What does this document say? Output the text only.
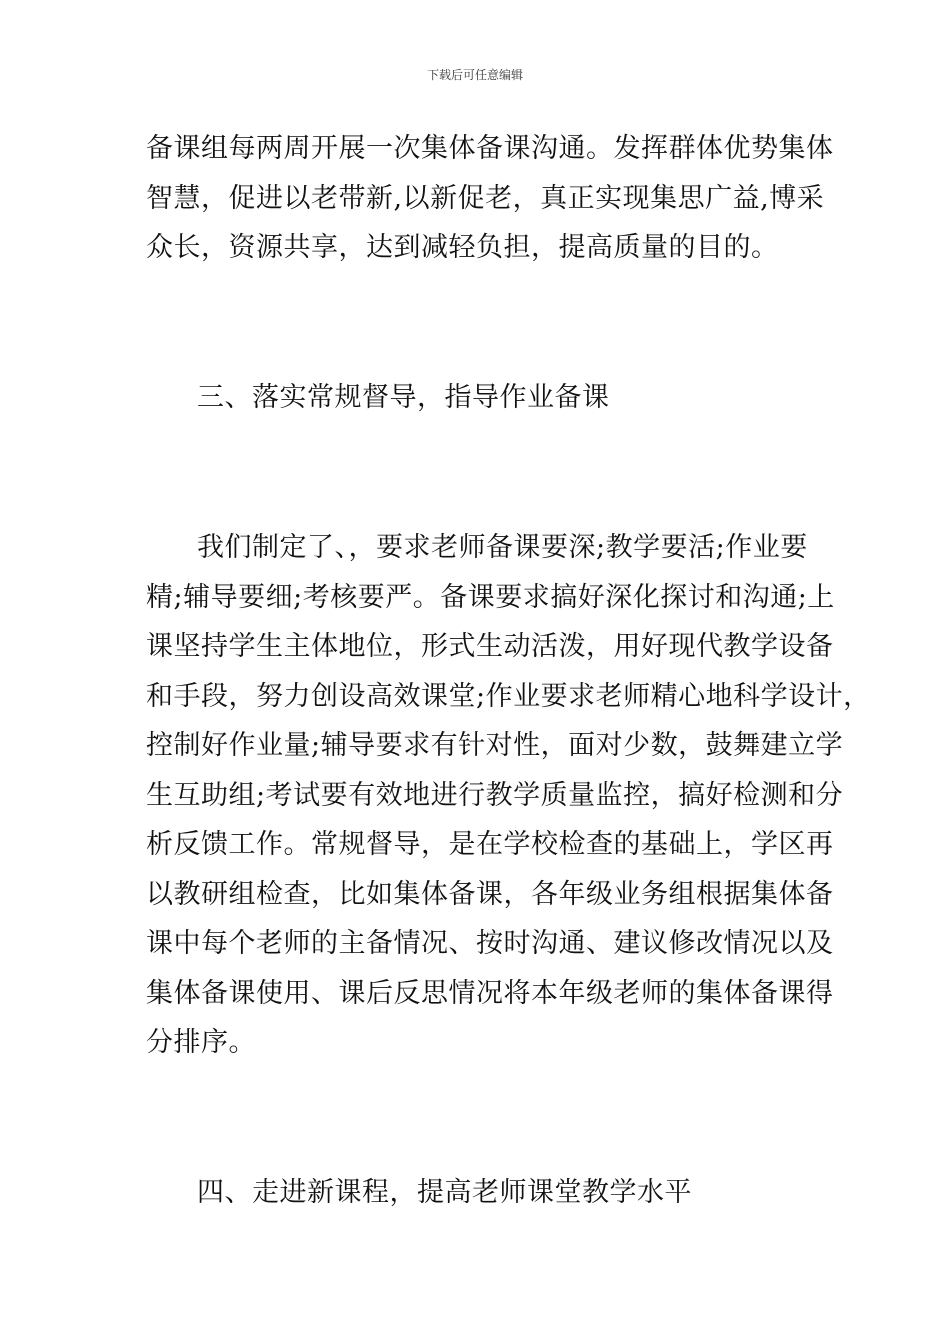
下载后可任意编辑
备课组每两周开展一次集体备课沟通。发挥群体优势集体
智慧，促进以老带新,以新促老，真正实现集思广益,博采
众长，资源共享，达到减轻负担，提高质量的目的。
三、落实常规督导，指导作业备课
我们制定了、，要求老师备课要深;教学要活;作业要
精;辅导要细;考核要严。备课要求搞好深化探讨和沟通;上
课坚持学生主体地位，形式生动活泼，用好现代教学设备
和手段，努力创设高效课堂;作业要求老师精心地科学设计，
控制好作业量;辅导要求有针对性，面对少数，鼓舞建立学
生互助组;考试要有效地进行教学质量监控，搞好检测和分
析反馈工作。常规督导，是在学校检查的基础上，学区再
以教研组检查，比如集体备课，各年级业务组根据集体备
课中每个老师的主备情况、按时沟通、建议修改情况以及
集体备课使用、课后反思情况将本年级老师的集体备课得
分排序。
四、走进新课程，提高老师课堂教学水平
